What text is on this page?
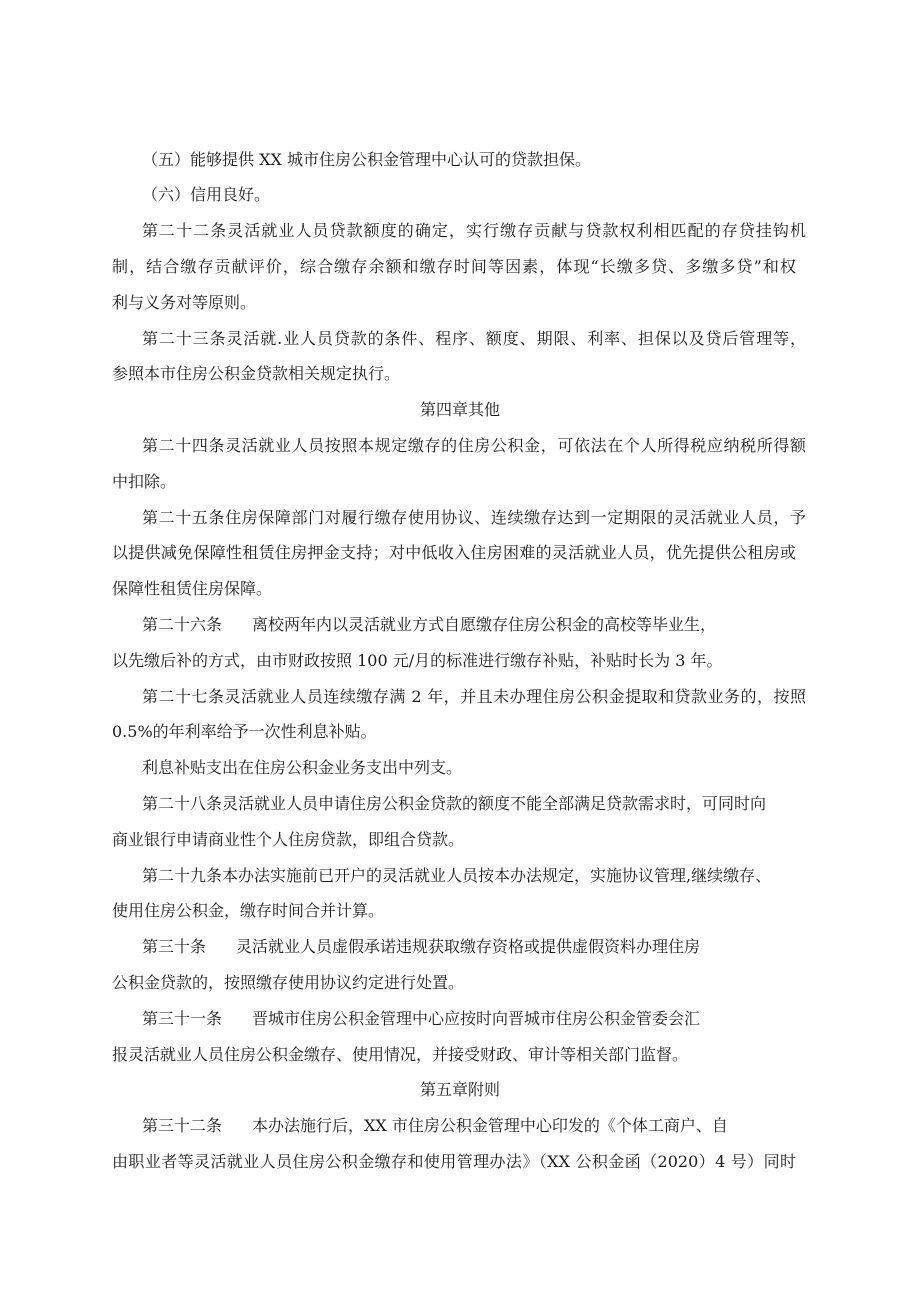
（五）能够提供 XX 城市住房公积金管理中心认可的贷款担保。
（六）信用良好。
第二十二条灵活就业人员贷款额度的确定，实行缴存贡献与贷款权利相匹配的存贷挂钩机
制，结合缴存贡献评价，综合缴存余额和缴存时间等因素，体现“长缴多贷、多缴多贷”和权
利与义务对等原则。
第二十三条灵活就.业人员贷款的条件、程序、额度、期限、利率、担保以及贷后管理等，
参照本市住房公积金贷款相关规定执行。
第四章其他
第二十四条灵活就业人员按照本规定缴存的住房公积金，可依法在个人所得税应纳税所得额
中扣除。
第二十五条住房保障部门对履行缴存使用协议、连续缴存达到一定期限的灵活就业人员，予
以提供减免保障性租赁住房押金支持；对中低收入住房困难的灵活就业人员，优先提供公租房或
保障性租赁住房保障。
第二十六条 离校两年内以灵活就业方式自愿缴存住房公积金的高校等毕业生，
以先缴后补的方式，由市财政按照 100 元/月的标准进行缴存补贴，补贴时长为 3 年。
第二十七条灵活就业人员连续缴存满 2 年，并且未办理住房公积金提取和贷款业务的，按照
0.5%的年利率给予一次性利息补贴。
利息补贴支出在住房公积金业务支出中列支。
第二十八条灵活就业人员申请住房公积金贷款的额度不能全部满足贷款需求时，可同时向
商业银行申请商业性个人住房贷款，即组合贷款。
第二十九条本办法实施前已开户的灵活就业人员按本办法规定，实施协议管理,继续缴存、
使用住房公积金，缴存时间合并计算。
第三十条 灵活就业人员虚假承诺违规获取缴存资格或提供虚假资料办理住房
公积金贷款的，按照缴存使用协议约定进行处置。
第三十一条 晋城市住房公积金管理中心应按时向晋城市住房公积金管委会汇
报灵活就业人员住房公积金缴存、使用情况，并接受财政、审计等相关部门监督。
第五章附则
第三十二条 本办法施行后，XX 市住房公积金管理中心印发的《个体工商户、自
由职业者等灵活就业人员住房公积金缴存和使用管理办法》（XX 公积金函（2020）4 号）同时
